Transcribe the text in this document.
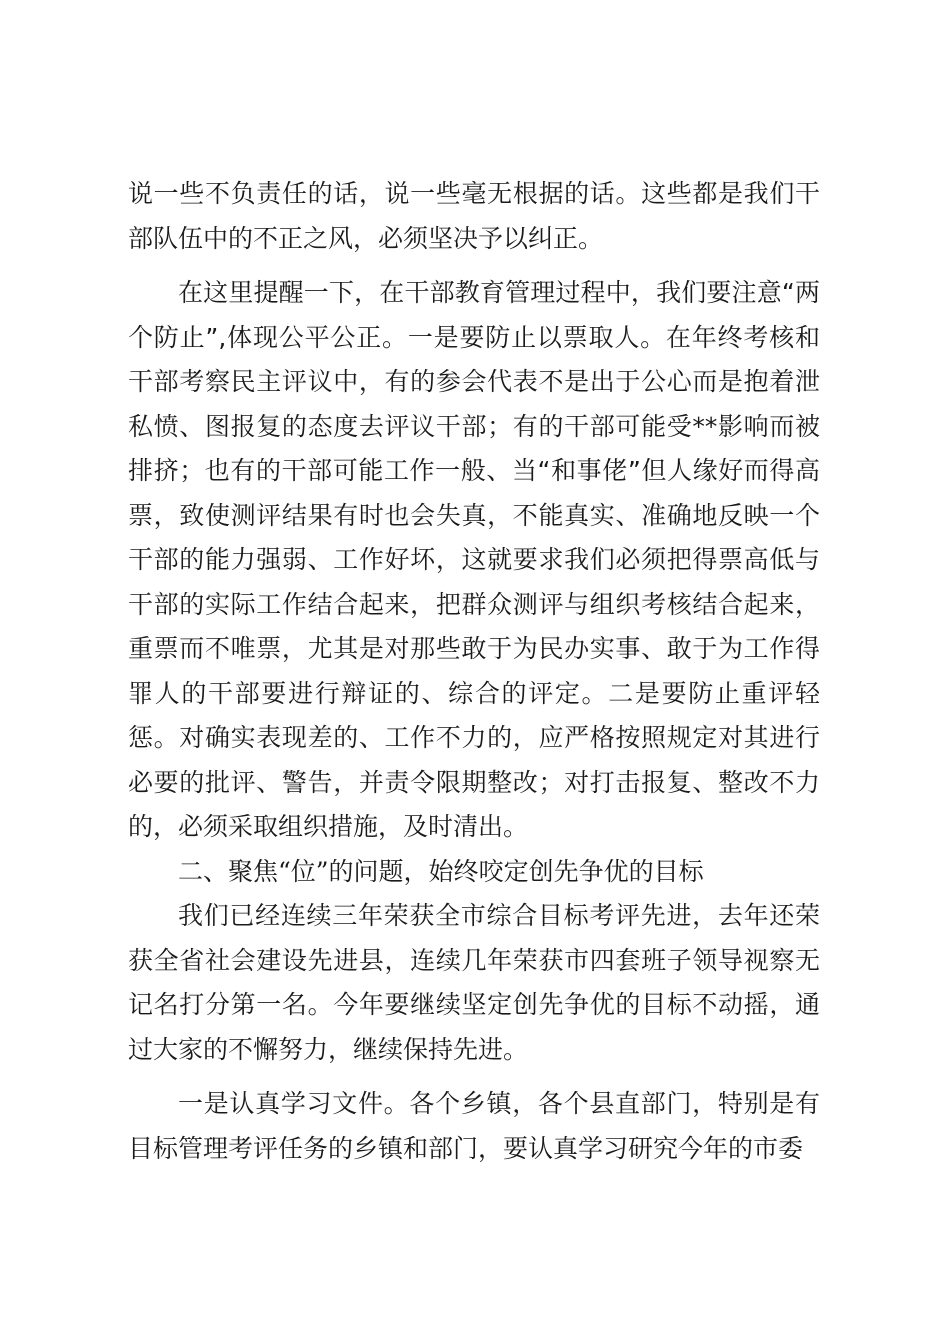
说一些不负责任的话，说一些毫无根据的话。这些都是我们干部队伍中的不正之风，必须坚决予以纠正。

在这里提醒一下，在干部教育管理过程中，我们要注意“两个防止”,体现公平公正。一是要防止以票取人。在年终考核和干部考察民主评议中，有的参会代表不是出于公心而是抱着泄私愤、图报复的态度去评议干部；有的干部可能受**影响而被排挤；也有的干部可能工作一般、当“和事佬”但人缘好而得高票，致使测评结果有时也会失真，不能真实、准确地反映一个干部的能力强弱、工作好坏，这就要求我们必须把得票高低与干部的实际工作结合起来，把群众测评与组织考核结合起来，重票而不唯票，尤其是对那些敢于为民办实事、敢于为工作得罪人的干部要进行辩证的、综合的评定。二是要防止重评轻惩。对确实表现差的、工作不力的，应严格按照规定对其进行必要的批评、警告，并责令限期整改；对打击报复、整改不力的，必须采取组织措施，及时清出。

二、聚焦“位”的问题，始终咬定创先争优的目标

我们已经连续三年荣获全市综合目标考评先进，去年还荣获全省社会建设先进县，连续几年荣获市四套班子领导视察无记名打分第一名。今年要继续坚定创先争优的目标不动摇，通过大家的不懈努力，继续保持先进。

一是认真学习文件。各个乡镇，各个县直部门，特别是有目标管理考评任务的乡镇和部门，要认真学习研究今年的市委
